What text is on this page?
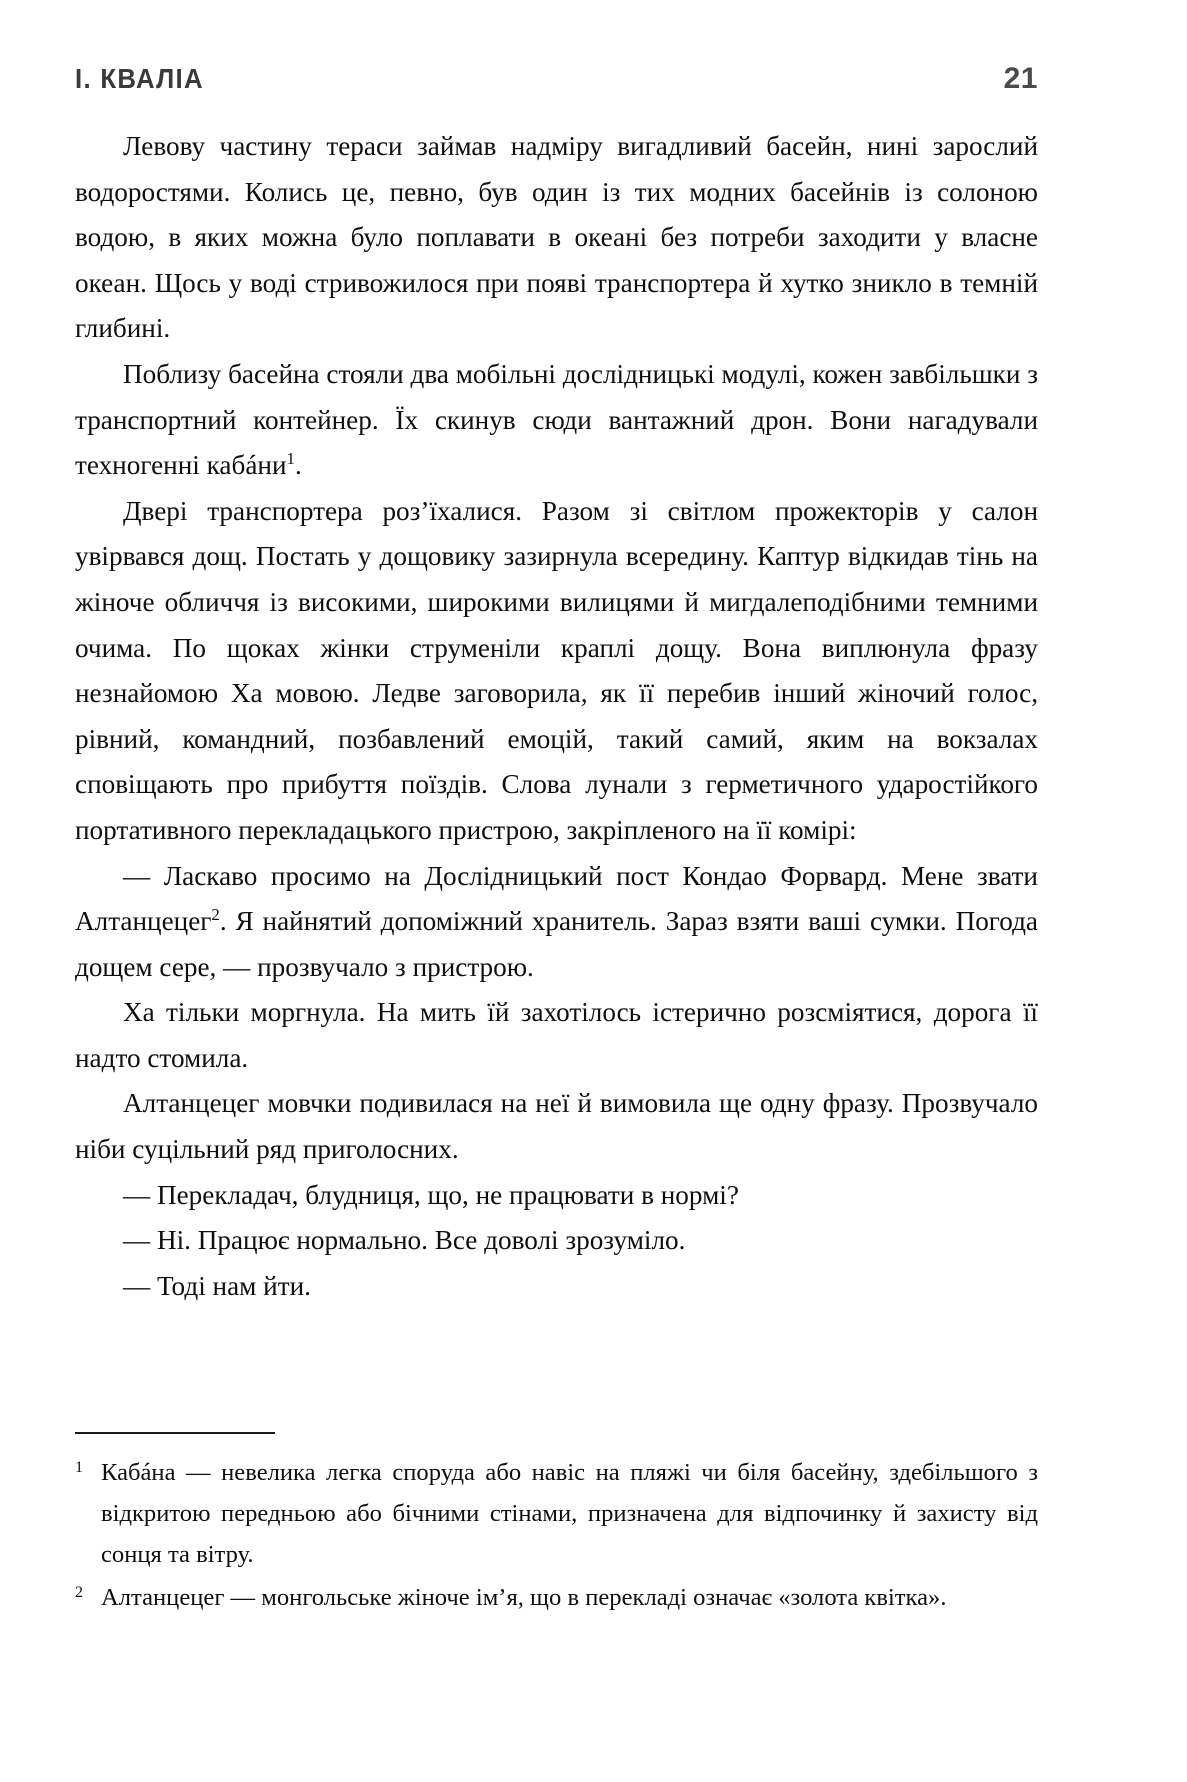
I. КВАЛІА	21

Левову частину тераси займав надміру вигадливий басейн, нині зарослий водоростями. Колись це, певно, був один із тих модних басейнів із солоною водою, в яких можна було поплавати в океані без потреби заходити у власне океан. Щось у воді стривожилося при появі транспортера й хутко зникло в темній глибині.

Поблизу басейна стояли два мобільні дослідницькі модулі, кожен завбільшки з транспортний контейнер. Їх скинув сюди вантажний дрон. Вони нагадували техногенні кабáни$^1$.

Двері транспортера роз’їхалися. Разом зі світлом прожекторів у салон увірвався дощ. Постать у дощовику зазирнула всередину. Каптур відкидав тінь на жіноче обличчя із високими, широкими вилицями й мигдалеподібними темними очима. По щоках жінки струменіли краплі дощу. Вона виплюнула фразу незнайомою Ха мовою. Ледве заговорила, як її перебив інший жіночий голос, рівний, командний, позбавлений емоцій, такий самий, яким на вокзалах сповіщають про прибуття поїздів. Слова лунали з герметичного ударостійкого портативного перекладацького пристрою, закріпленого на її комірі:

— Ласкаво просимо на Дослідницький пост Кондао Форвард. Мене звати Алтанцецег$^2$. Я найнятий допоміжний хранитель. Зараз взяти ваші сумки. Погода дощем сере, — прозвучало з пристрою.

Ха тільки моргнула. На мить їй захотілось істерично розсміятися, дорога її надто стомила.

Алтанцецег мовчки подивилася на неї й вимовила ще одну фразу. Прозвучало ніби суцільний ряд приголосних.

— Перекладач, блудниця, що, не працювати в нормі?

— Ні. Працює нормально. Все доволі зрозуміло.

— Тоді нам йти.

1 Кабáна — невелика легка споруда або навіс на пляжі чи біля басейну, здебільшого з відкритою передньою або бічними стінами, призначена для відпочинку й захисту від сонця та вітру.
2 Алтанцецег — монгольське жіноче ім’я, що в перекладі означає «золота квітка».
